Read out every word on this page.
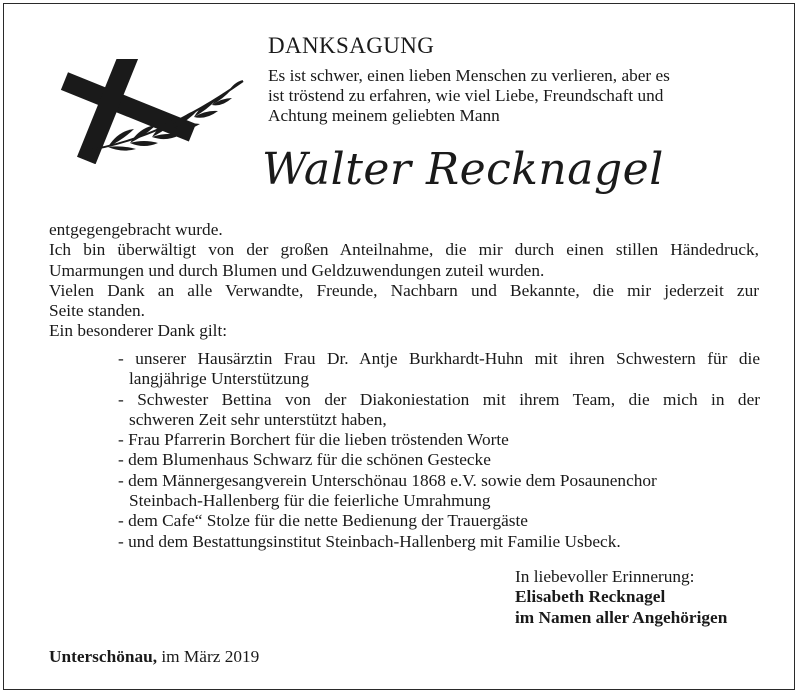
DANKSAGUNG
Es ist schwer, einen lieben Menschen zu verlieren, aber es
ist tröstend zu erfahren, wie viel Liebe, Freundschaft und
Achtung meinem geliebten Mann
Walter Recknagel
entgegengebracht wurde.
Ich bin überwältigt von der großen Anteilnahme, die mir durch einen stillen Händedruck,
Umarmungen und durch Blumen und Geldzuwendungen zuteil wurden.
Vielen Dank an alle Verwandte, Freunde, Nachbarn und Bekannte, die mir jederzeit zur
Seite standen.
Ein besonderer Dank gilt:
- unserer Hausärztin Frau Dr. Antje Burkhardt-Huhn mit ihren Schwestern für die
langjährige Unterstützung
- Schwester Bettina von der Diakoniestation mit ihrem Team, die mich in der
schweren Zeit sehr unterstützt haben,
- Frau Pfarrerin Borchert für die lieben tröstenden Worte
- dem Blumenhaus Schwarz für die schönen Gestecke
- dem Männergesangverein Unterschönau 1868 e.V. sowie dem Posaunenchor
Steinbach-Hallenberg für die feierliche Umrahmung
- dem Cafe“ Stolze für die nette Bedienung der Trauergäste
- und dem Bestattungsinstitut Steinbach-Hallenberg mit Familie Usbeck.
In liebevoller Erinnerung:
Elisabeth Recknagel
im Namen aller Angehörigen
Unterschönau, im März 2019
